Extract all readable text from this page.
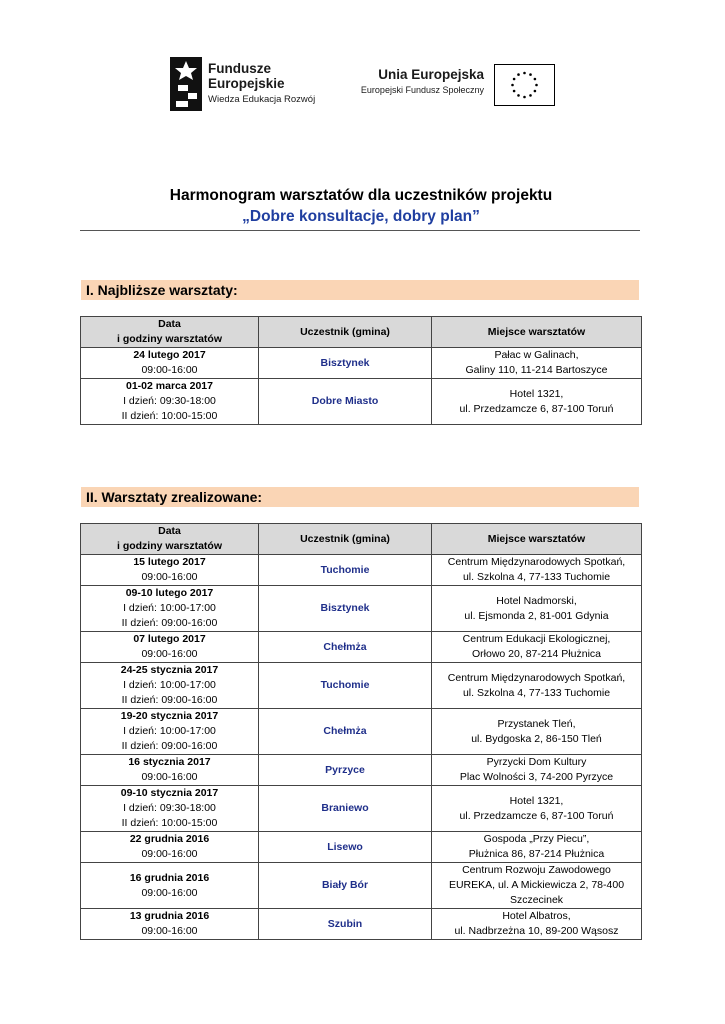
Fundusze
Europejskie
Wiedza Edukacja Rozwój
Unia Europejska
Europejski Fundusz Społeczny
Harmonogram warsztatów dla uczestników projektu
„Dobre konsultacje, dobry plan”
I. Najbliższe warsztaty:
Data
i godziny warsztatów	Uczestnik (gmina)	Miejsce warsztatów

24 lutego 2017
09:00-16:00	Bisztynek	Pałac w Galinach,
Galiny 110, 11-214 Bartoszyce

01-02 marca 2017
I dzień: 09:30-18:00
II dzień: 10:00-15:00	Dobre Miasto	Hotel 1321,
ul. Przedzamcze 6, 87-100 Toruń
II. Warsztaty zrealizowane:
Data
i godziny warsztatów	Uczestnik (gmina)	Miejsce warsztatów

15 lutego 2017
09:00-16:00	Tuchomie	Centrum Międzynarodowych Spotkań,
ul. Szkolna 4, 77-133 Tuchomie

09-10 lutego 2017
I dzień: 10:00-17:00
II dzień: 09:00-16:00	Bisztynek	Hotel Nadmorski,
ul. Ejsmonda 2, 81-001 Gdynia

07 lutego 2017
09:00-16:00	Chełmża	Centrum Edukacji Ekologicznej,
Orłowo 20, 87-214 Płużnica

24-25 stycznia 2017
I dzień: 10:00-17:00
II dzień: 09:00-16:00	Tuchomie	Centrum Międzynarodowych Spotkań,
ul. Szkolna 4, 77-133 Tuchomie

19-20 stycznia 2017
I dzień: 10:00-17:00
II dzień: 09:00-16:00	Chełmża	Przystanek Tleń,
ul. Bydgoska 2, 86-150 Tleń

16 stycznia 2017
09:00-16:00	Pyrzyce	Pyrzycki Dom Kultury
Plac Wolności 3, 74-200 Pyrzyce

09-10 stycznia 2017
I dzień: 09:30-18:00
II dzień: 10:00-15:00	Braniewo	Hotel 1321,
ul. Przedzamcze 6, 87-100 Toruń

22 grudnia 2016
09:00-16:00	Lisewo	Gospoda „Przy Piecu”,
Płużnica 86, 87-214 Płużnica

16 grudnia 2016
09:00-16:00	Biały Bór	Centrum Rozwoju Zawodowego
EUREKA, ul. A Mickiewicza 2, 78-400
Szczecinek

13 grudnia 2016
09:00-16:00	Szubin	Hotel Albatros,
ul. Nadbrzeżna 10, 89-200 Wąsosz
